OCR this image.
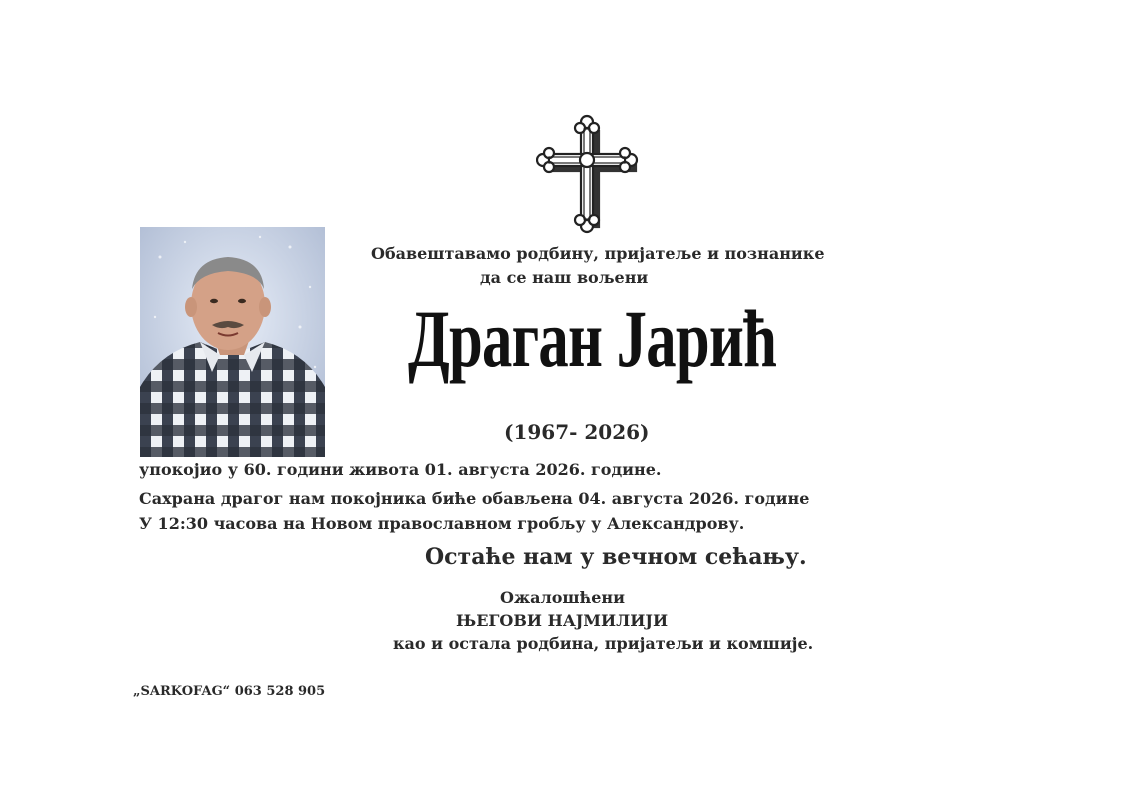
Обавештавамо родбину, пријатеље и познанике
да се наш вољени
Драган Јарић
(1967- 2026)
упокојио у 60. години живота 01. августа 2026. године.
Сахрана драгог нам покојника биће обављена 04. августа 2026. године
У 12:30 часова на Новом православном гробљу у Александрову.
Остаће нам у вечном сећању.
Ожалошћени
ЊЕГОВИ НАЈМИЛИЈИ
као и остала родбина, пријатељи и комшије.
„SARKOFAG“ 063 528 905
